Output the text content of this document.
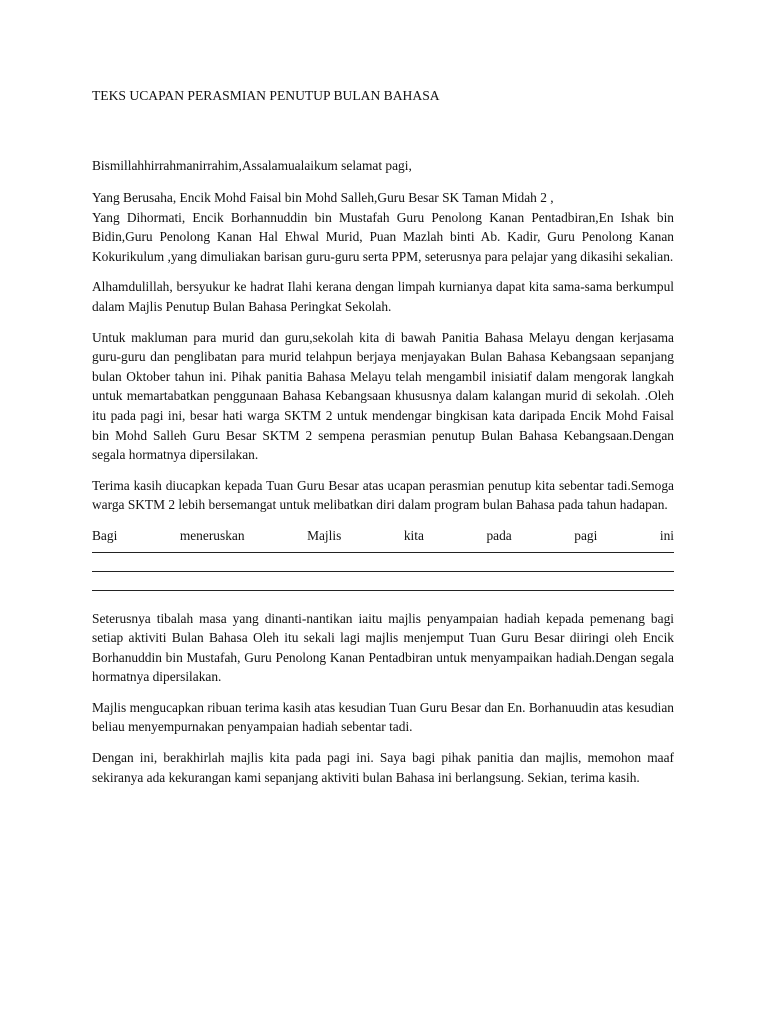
TEKS UCAPAN PERASMIAN PENUTUP BULAN BAHASA
Bismillahhirrahmanirrahim,Assalamualaikum selamat pagi,

Yang Berusaha, Encik Mohd Faisal bin Mohd Salleh,Guru Besar SK Taman Midah 2 ,

Yang Dihormati, Encik Borhannuddin bin Mustafah Guru Penolong Kanan Pentadbiran,En Ishak bin Bidin,Guru Penolong Kanan Hal Ehwal Murid, Puan Mazlah binti Ab. Kadir, Guru Penolong Kanan Kokurikulum ,yang dimuliakan barisan guru-guru serta PPM, seterusnya para pelajar yang dikasihi sekalian.

Alhamdulillah, bersyukur ke hadrat Ilahi kerana dengan limpah kurnianya dapat kita sama-sama berkumpul dalam Majlis Penutup Bulan Bahasa Peringkat Sekolah.

Untuk makluman para murid dan guru,sekolah kita di bawah Panitia Bahasa Melayu dengan kerjasama guru-guru dan penglibatan para murid telahpun berjaya menjayakan Bulan Bahasa Kebangsaan sepanjang bulan Oktober tahun ini. Pihak panitia Bahasa Melayu telah mengambil inisiatif dalam mengorak langkah untuk memartabatkan penggunaan Bahasa Kebangsaan khususnya dalam kalangan murid di sekolah. .Oleh itu pada pagi ini, besar hati warga SKTM 2 untuk mendengar bingkisan kata daripada Encik Mohd Faisal bin Mohd Salleh Guru Besar SKTM 2 sempena perasmian penutup Bulan Bahasa Kebangsaan.Dengan segala hormatnya dipersilakan.

Terima kasih diucapkan kepada Tuan Guru Besar atas ucapan perasmian penutup kita sebentar tadi.Semoga warga SKTM 2 lebih bersemangat untuk melibatkan diri dalam program bulan Bahasa pada tahun hadapan.

Bagi	meneruskan	Majlis	kita	pada	pagi	ini

Seterusnya tibalah masa yang dinanti-nantikan iaitu majlis penyampaian hadiah kepada pemenang bagi setiap aktiviti Bulan Bahasa Oleh itu sekali lagi majlis menjemput Tuan Guru Besar diiringi oleh Encik Borhanuddin bin Mustafah, Guru Penolong Kanan Pentadbiran untuk menyampaikan hadiah.Dengan segala hormatnya dipersilakan.

Majlis mengucapkan ribuan terima kasih atas kesudian Tuan Guru Besar dan En. Borhanuudin atas kesudian beliau menyempurnakan penyampaian hadiah sebentar tadi.

Dengan ini, berakhirlah majlis kita pada pagi ini. Saya bagi pihak panitia dan majlis, memohon maaf sekiranya ada kekurangan kami sepanjang aktiviti bulan Bahasa ini berlangsung. Sekian, terima kasih.
